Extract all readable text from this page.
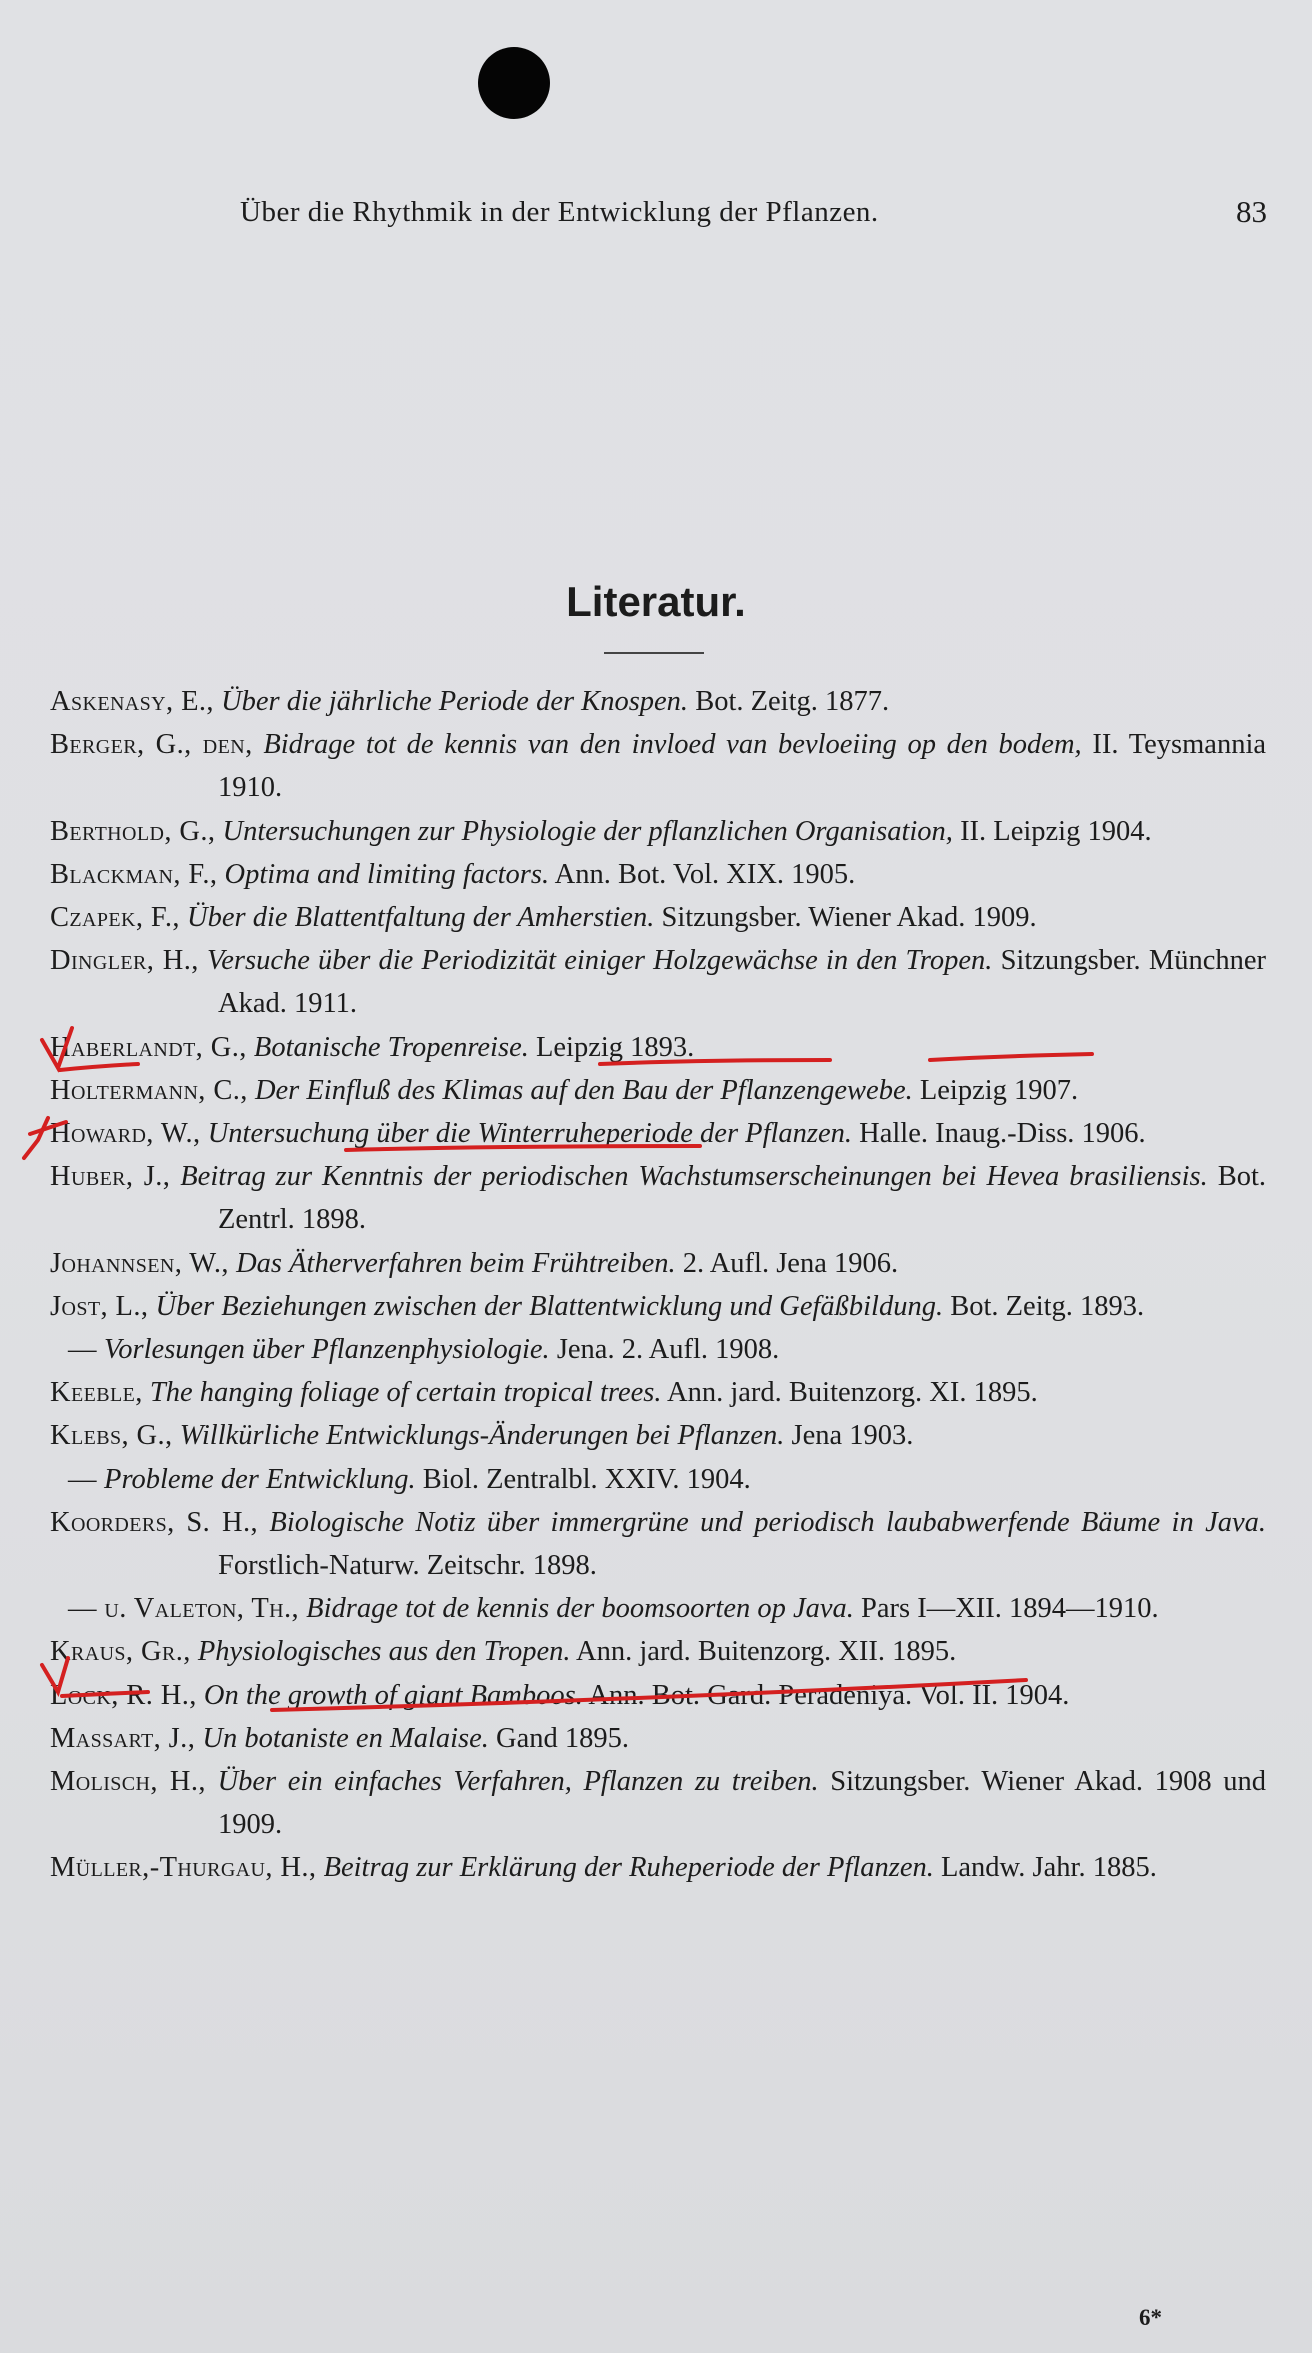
Über die Rhythmik in der Entwicklung der Pflanzen.	83
Literatur.
Askenasy, E., Über die jährliche Periode der Knospen. Bot. Zeitg. 1877.
Berger, G., den, Bidrage tot de kennis van den invloed van bevloeiing op den bodem, II. Teysmannia 1910.
Berthold, G., Untersuchungen zur Physiologie der pflanzlichen Organisation, II. Leipzig 1904.
Blackman, F., Optima and limiting factors. Ann. Bot. Vol. XIX. 1905.
Czapek, F., Über die Blattentfaltung der Amherstien. Sitzungsber. Wiener Akad. 1909.
Dingler, H., Versuche über die Periodizität einiger Holzgewächse in den Tropen. Sitzungsber. Münchner Akad. 1911.
Haberlandt, G., Botanische Tropenreise. Leipzig 1893.
Holtermann, C., Der Einfluß des Klimas auf den Bau der Pflanzengewebe. Leipzig 1907.
Howard, W., Untersuchung über die Winterruheperiode der Pflanzen. Halle. Inaug.-Diss. 1906.
Huber, J., Beitrag zur Kenntnis der periodischen Wachstumserscheinungen bei Hevea brasiliensis. Bot. Zentrl. 1898.
Johannsen, W., Das Ätherverfahren beim Frühtreiben. 2. Aufl. Jena 1906.
Jost, L., Über Beziehungen zwischen der Blattentwicklung und Gefäßbildung. Bot. Zeitg. 1893.
— Vorlesungen über Pflanzenphysiologie. Jena. 2. Aufl. 1908.
Keeble, The hanging foliage of certain tropical trees. Ann. jard. Buitenzorg. XI. 1895.
Klebs, G., Willkürliche Entwicklungs-Änderungen bei Pflanzen. Jena 1903.
— Probleme der Entwicklung. Biol. Zentralbl. XXIV. 1904.
Koorders, S. H., Biologische Notiz über immergrüne und periodisch laubabwerfende Bäume in Java. Forstlich-Naturw. Zeitschr. 1898.
— u. Valeton, Th., Bidrage tot de kennis der boomsoorten op Java. Pars I—XII. 1894—1910.
Kraus, Gr., Physiologisches aus den Tropen. Ann. jard. Buitenzorg. XII. 1895.
Lock, R. H., On the growth of giant Bamboos. Ann. Bot. Gard. Peradeniya. Vol. II. 1904.
Massart, J., Un botaniste en Malaise. Gand 1895.
Molisch, H., Über ein einfaches Verfahren, Pflanzen zu treiben. Sitzungsber. Wiener Akad. 1908 und 1909.
Müller,-Thurgau, H., Beitrag zur Erklärung der Ruheperiode der Pflanzen. Landw. Jahr. 1885.
6*
